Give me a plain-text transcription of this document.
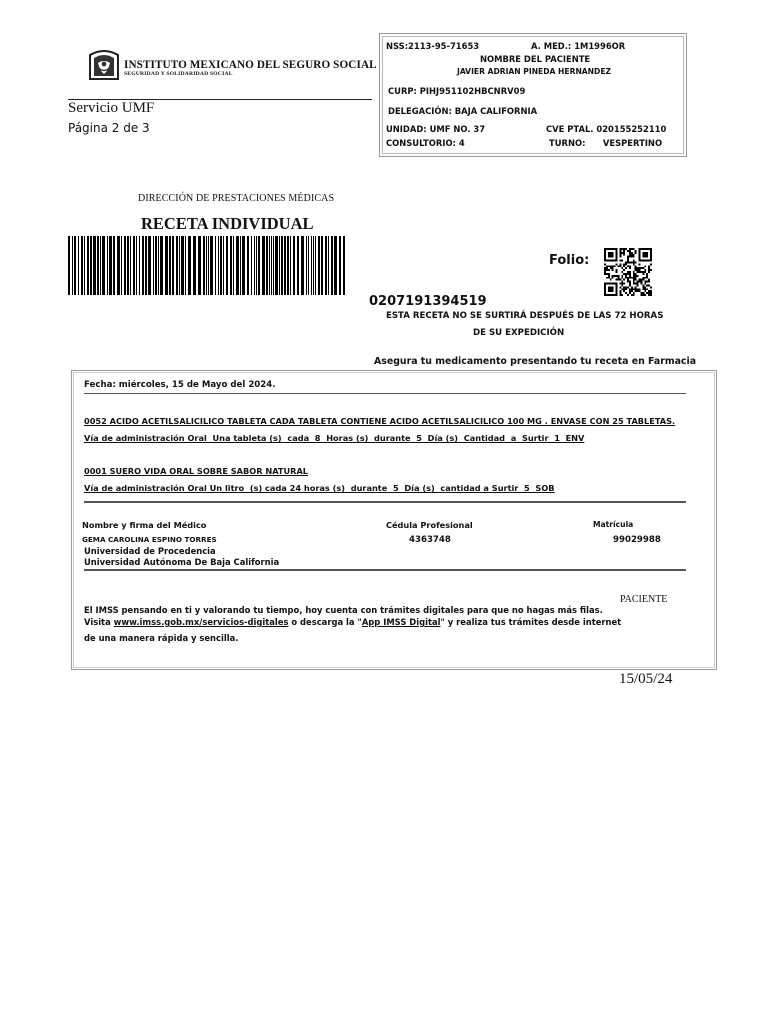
INSTITUTO MEXICANO DEL SEGURO SOCIAL
SEGURIDAD Y SOLIDARIDAD SOCIAL
Servicio UMF
Página 2 de 3
NSS:2113-95-71653	A. MED.: 1M1996OR
NOMBRE DEL PACIENTE
JAVIER ADRIAN PINEDA HERNANDEZ
CURP: PIHJ951102HBCNRV09
DELEGACIÓN: BAJA CALIFORNIA
UNIDAD: UMF NO. 37	CVE PTAL. 020155252110
CONSULTORIO: 4	TURNO:      VESPERTINO
DIRECCIÓN DE PRESTACIONES MÉDICAS
RECETA INDIVIDUAL
Folio:
0207191394519
ESTA RECETA NO SE SURTIRÁ DESPUÉS DE LAS 72 HORAS
DE SU EXPEDICIÓN
Asegura tu medicamento presentando tu receta en Farmacia
Fecha: miércoles, 15 de Mayo del 2024.
0052 ACIDO ACETILSALICILICO TABLETA CADA TABLETA CONTIENE ACIDO ACETILSALICILICO 100 MG . ENVASE CON 25 TABLETAS.
Vía de administración Oral  Una tableta (s)  cada  8  Horas (s)  durante  5  Día (s)  Cantidad  a  Surtir  1  ENV
0001 SUERO VIDA ORAL SOBRE SABOR NATURAL
Vía de administración Oral Un litro  (s) cada 24 horas (s)  durante  5  Día (s)  cantidad a Surtir  5  SOB
Nombre y firma del Médico	Cédula Profesional	Matrícula
GEMA CAROLINA ESPINO TORRES	4363748	99029988
Universidad de Procedencia
Universidad Autónoma De Baja California
PACIENTE
El IMSS pensando en ti y valorando tu tiempo, hoy cuenta con trámites digitales para que no hagas más filas.
Visita www.imss.gob.mx/servicios-digitales o descarga la "App IMSS Digital" y realiza tus trámites desde internet
de una manera rápida y sencilla.
15/05/24
